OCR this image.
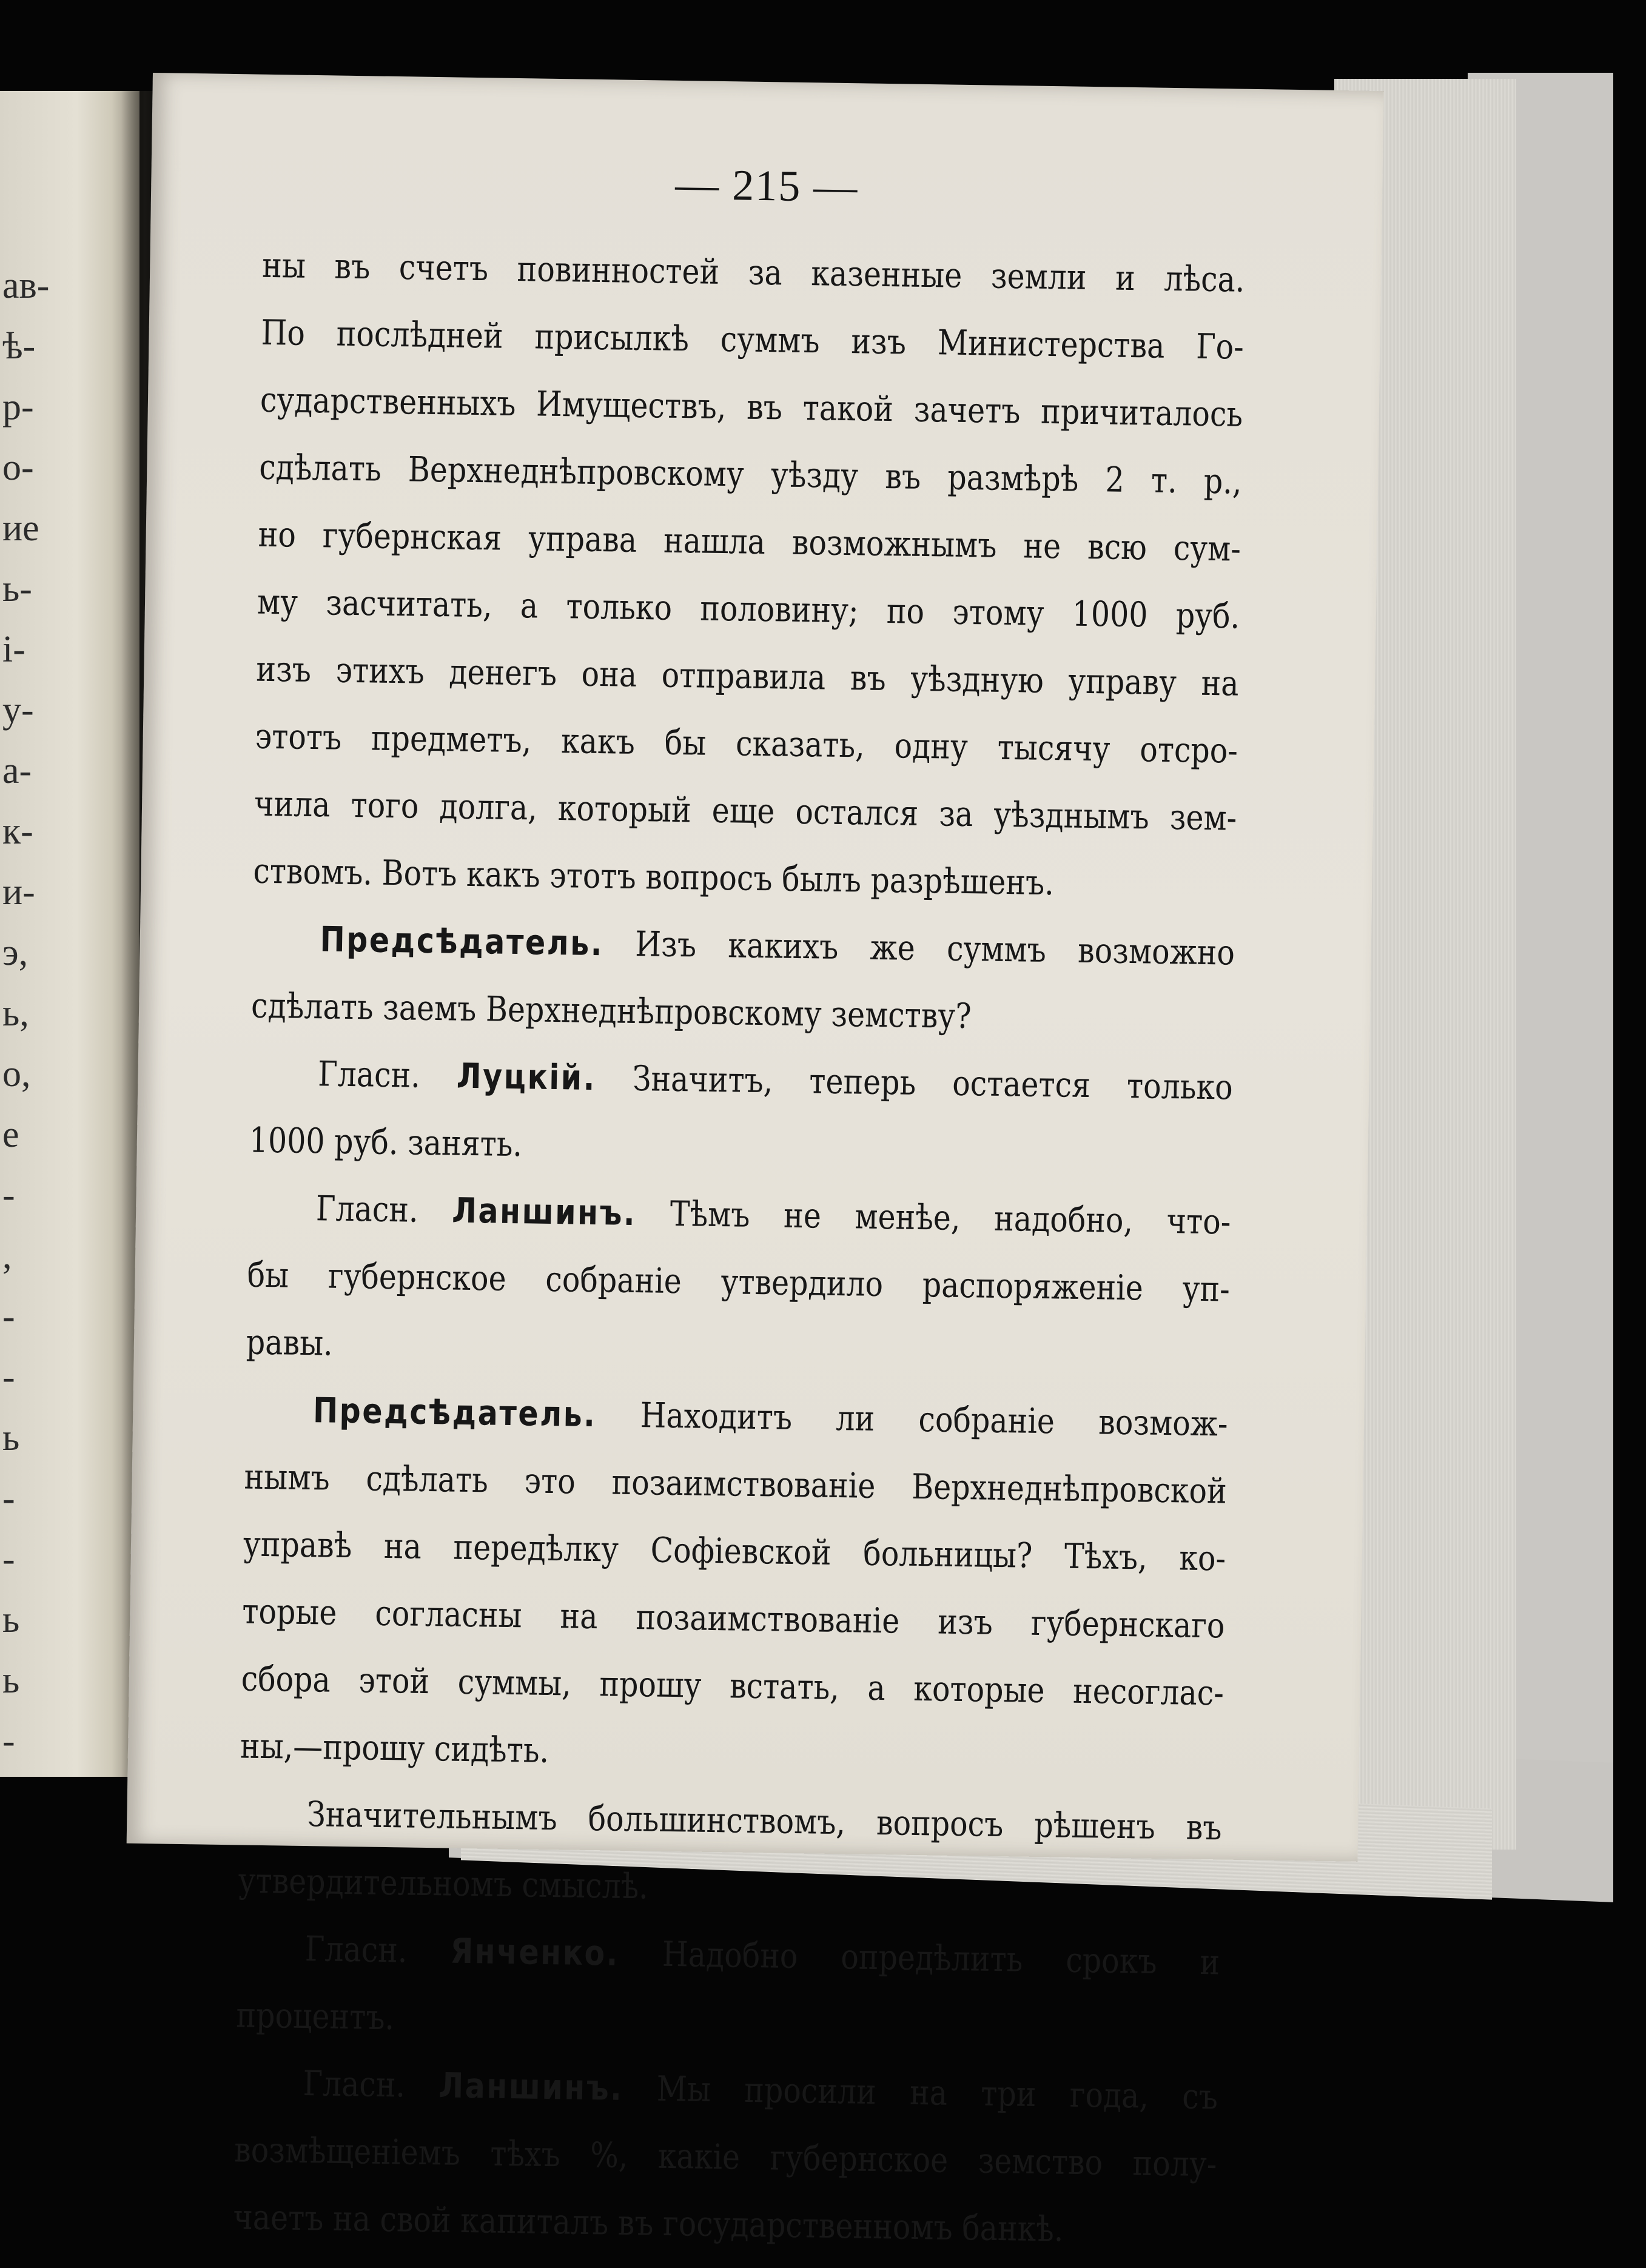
ав-
ѣ-
р-
о-
ие
ь-
і-
у-
а-
к-
и-
э,
ь,
о,
е
-
,
-
-
ь
-
-
ь
ь
-
— 215 —
ны въ счетъ повинностей за казенные земли и лѣса.
По послѣдней присылкѣ суммъ изъ Министерства Го-
сударственныхъ Имуществъ, въ такой зачетъ причиталось
сдѣлать Верхнеднѣпровскому уѣзду въ размѣрѣ 2 т. р.,
но губернская управа нашла возможнымъ не всю сум-
му засчитать, а только половину; по этому 1000 руб.
изъ этихъ денегъ она отправила въ уѣздную управу на
этотъ предметъ, какъ бы сказать, одну тысячу отсро-
чила того долга, который еще остался за уѣзднымъ зем-
ствомъ. Вотъ какъ этотъ вопросъ былъ разрѣшенъ.
Предсѣдатель. Изъ какихъ же суммъ возможно
сдѣлать заемъ Верхнеднѣпровскому земству?
Гласн. Луцкій. Значитъ, теперь остается только
1000 руб. занять.
Гласн. Ланшинъ. Тѣмъ не менѣе, надобно, что-
бы губернское собраніе утвердило распоряженіе уп-
равы.
Предсѣдатель. Находитъ ли собраніе возмож-
нымъ сдѣлать это позаимствованіе Верхнеднѣпровской
управѣ на передѣлку Софіевской больницы? Тѣхъ, ко-
торые согласны на позаимствованіе изъ губернскаго
сбора этой суммы, прошу встать, а которые несоглас-
ны,—прошу сидѣть.
Значительнымъ большинствомъ, вопросъ рѣшенъ въ
утвердительномъ смыслѣ.
Гласн. Янченко. Надобно опредѣлить срокъ и
процентъ.
Гласн. Ланшинъ. Мы просили на три года, съ
возмѣщеніемъ тѣхъ %, какіе губернское земство полу-
чаетъ на свой капиталъ въ государственномъ банкѣ.
